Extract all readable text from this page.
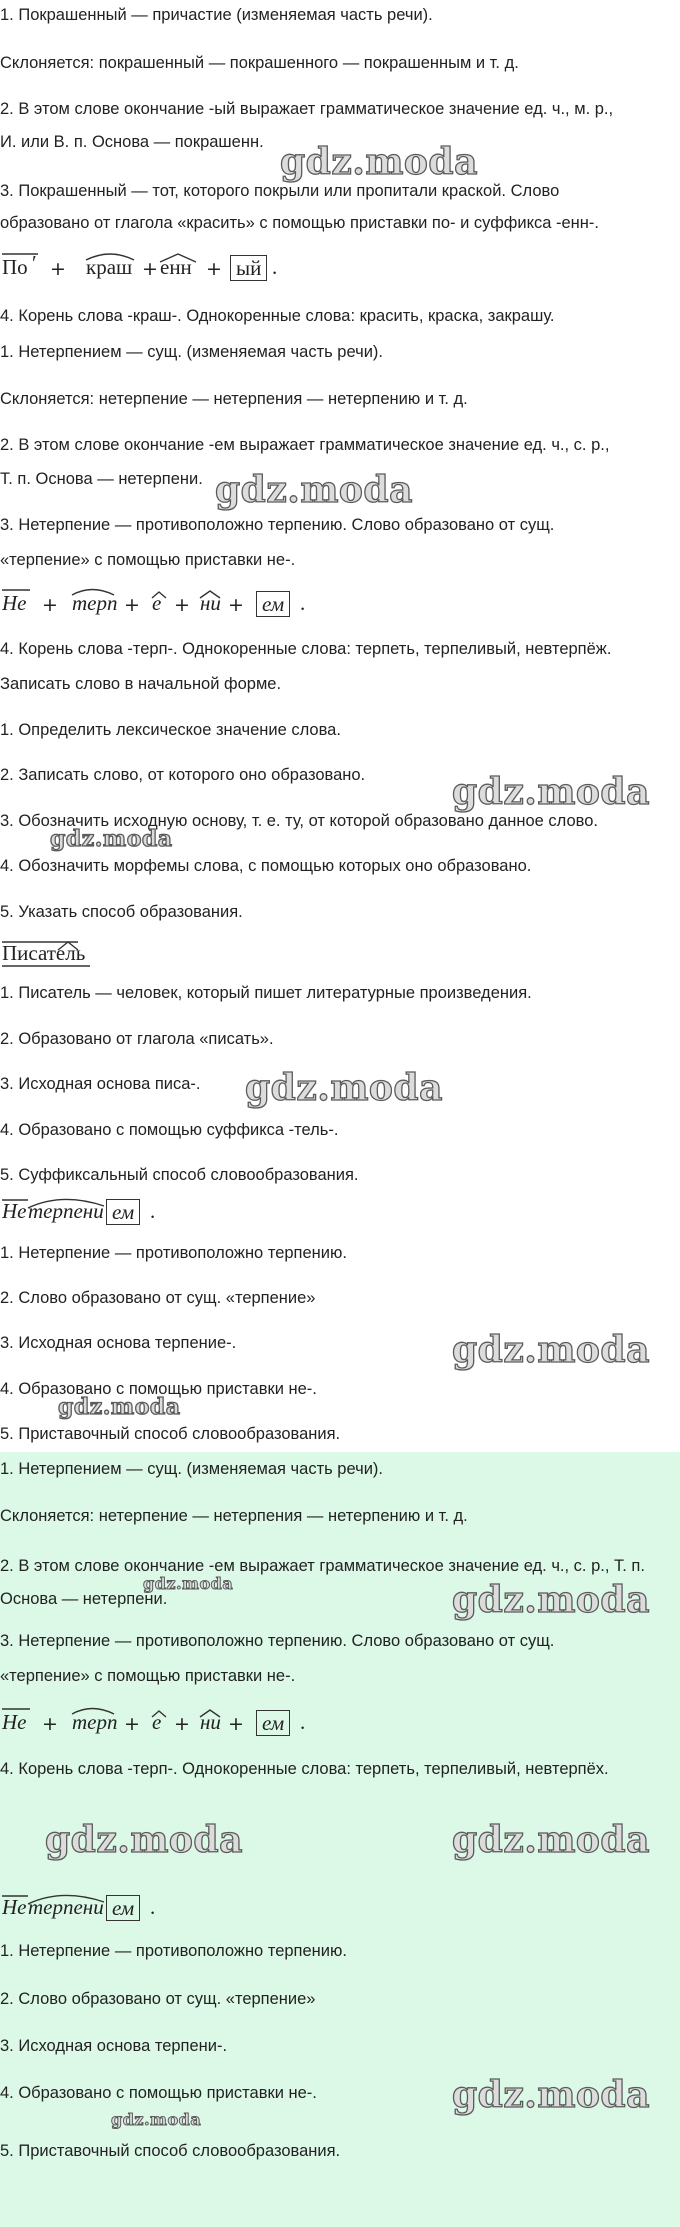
1. Покрашенный — причастие (изменяемая часть речи).

Склоняется: покрашенный — покрашенного — покрашенным и т. д.

2. В этом слове окончание -ый выражает грамматическое значение ед. ч., м. р.,

И. или В. п. Основа — покрашенн.

3. Покрашенный — тот, которого покрыли или пропитали краской. Слово

образовано от глагола «красить» с помощью приставки по- и суффикса -енн-.

По ʹ + краш + енн + ый .

4. Корень слова -краш-. Однокоренные слова: красить, краска, закрашу.

1. Нетерпением — сущ. (изменяемая часть речи).

Склоняется: нетерпение — нетерпения — нетерпению и т. д.

2. В этом слове окончание -ем выражает грамматическое значение ед. ч., с. р.,

Т. п. Основа — нетерпени.

3. Нетерпение — противоположно терпению. Слово образовано от сущ.

«терпение» с помощью приставки не-.

Не + терп + е + ни + ем .

4. Корень слова -терп-. Однокоренные слова: терпеть, терпеливый, невтерпёж.

Записать слово в начальной форме.

1. Определить лексическое значение слова.

2. Записать слово, от которого оно образовано.

3. Обозначить исходную основу, т. е. ту, от которой образовано данное слово.

4. Обозначить морфемы слова, с помощью которых оно образовано.

5. Указать способ образования.

Писатель

1. Писатель — человек, который пишет литературные произведения.

2. Образовано от глагола «писать».

3. Исходная основа писа-.

4. Образовано с помощью суффикса -тель-.

5. Суффиксальный способ словообразования.

Не терпени ем .

1. Нетерпение — противоположно терпению.

2. Слово образовано от сущ. «терпение»

3. Исходная основа терпение-.

4. Образовано с помощью приставки не-.

5. Приставочный способ словообразования.

1. Нетерпением — сущ. (изменяемая часть речи).

Склоняется: нетерпение — нетерпения — нетерпению и т. д.

2. В этом слове окончание -ем выражает грамматическое значение ед. ч., с. р., Т. п. Основа — нетерпени.

3. Нетерпение — противоположно терпению. Слово образовано от сущ.

«терпение» с помощью приставки не-.

Не + терп + е + ни + ем .

4. Корень слова -терп-. Однокоренные слова: терпеть, терпеливый, невтерпёх.

Не терпени ем .

1. Нетерпение — противоположно терпению.

2. Слово образовано от сущ. «терпение»

3. Исходная основа терпени-.

4. Образовано с помощью приставки не-.

5. Приставочный способ словообразования.

gdz.moda
gdz.moda
gdz.moda
gdz.moda
gdz.moda
gdz.moda
gdz.moda
gdz.moda	gdz.moda
gdz.moda	gdz.moda
gdz.moda
gdz.moda
